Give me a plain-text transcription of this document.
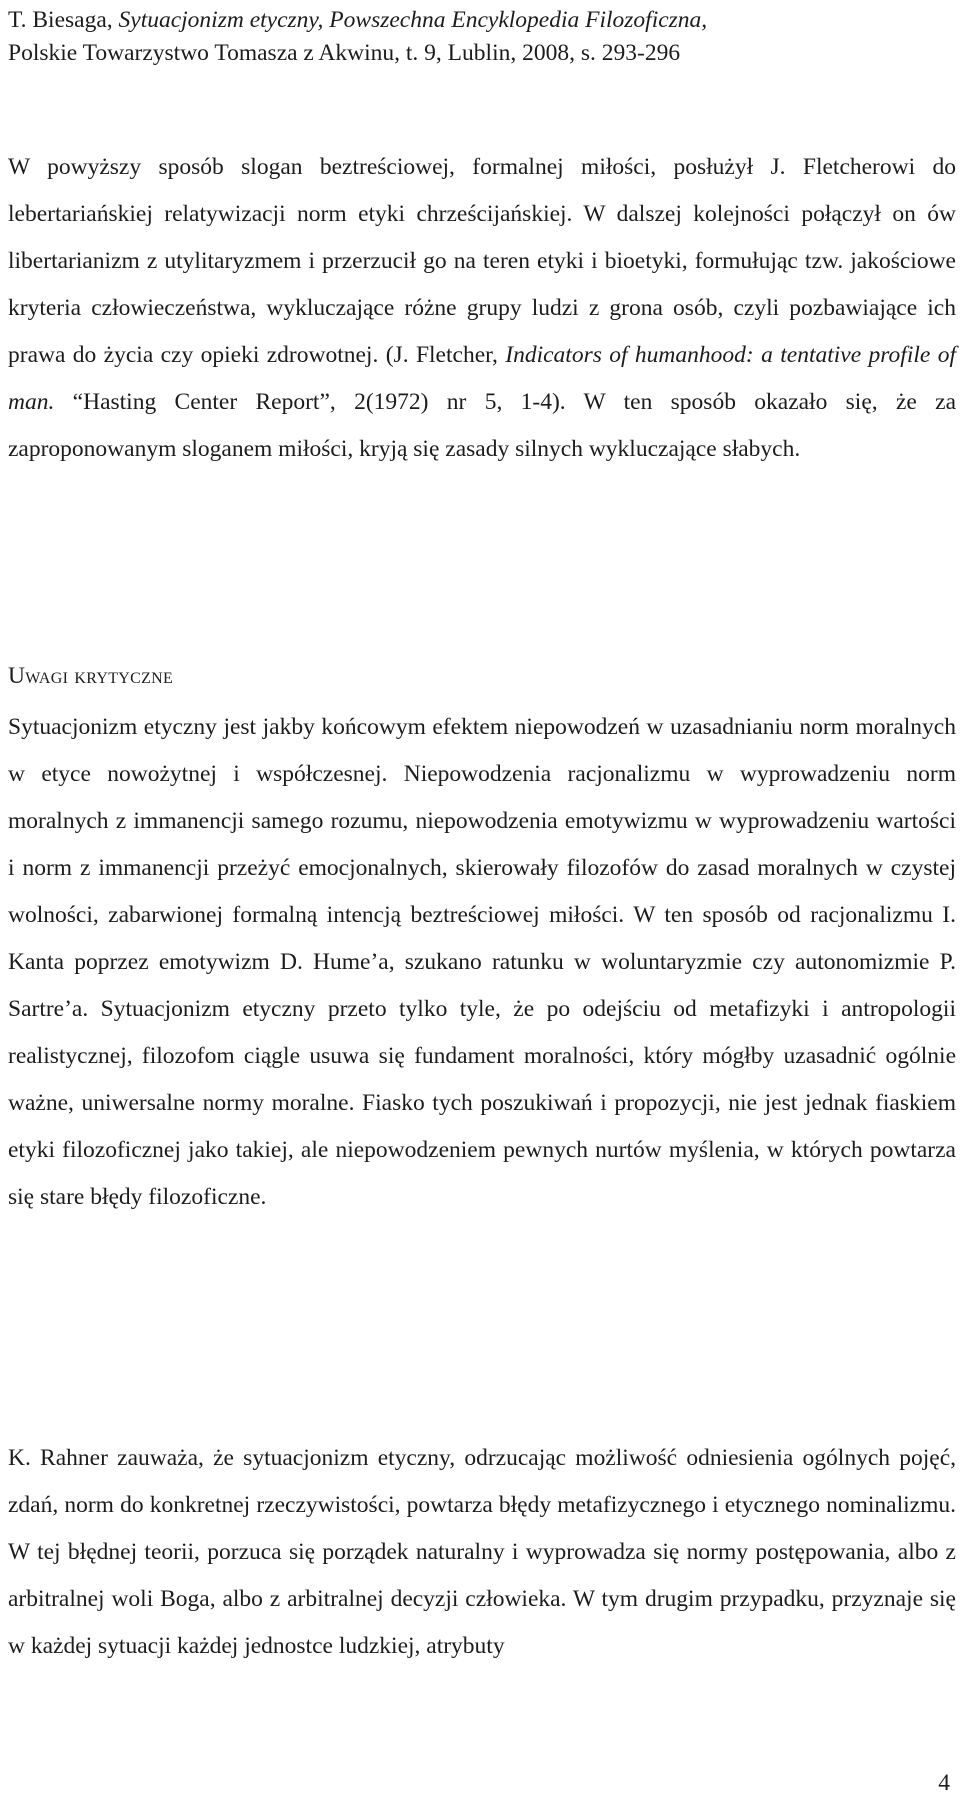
T. Biesaga, Sytuacjonizm etyczny, Powszechna Encyklopedia Filozoficzna,
Polskie Towarzystwo Tomasza z Akwinu, t. 9, Lublin, 2008, s. 293-296

W powyższy sposób slogan beztreściowej, formalnej miłości, posłużył J. Fletcherowi do lebertariańskiej relatywizacji norm etyki chrześcijańskiej. W dalszej kolejności połączył on ów libertarianizm z utylitaryzmem i przerzucił go na teren etyki i bioetyki, formułując tzw. jakościowe kryteria człowieczeństwa, wykluczające różne grupy ludzi z grona osób, czyli pozbawiające ich prawa do życia czy opieki zdrowotnej. (J. Fletcher, Indicators of humanhood: a tentative profile of man. “Hasting Center Report”, 2(1972) nr 5, 1-4). W ten sposób okazało się, że za zaproponowanym sloganem miłości, kryją się zasady silnych wykluczające słabych.

Uwagi krytyczne

Sytuacjonizm etyczny jest jakby końcowym efektem niepowodzeń w uzasadnianiu norm moralnych w etyce nowożytnej i współczesnej. Niepowodzenia racjonalizmu w wyprowadzeniu norm moralnych z immanencji samego rozumu, niepowodzenia emotywizmu w wyprowadzeniu wartości i norm z immanencji przeżyć emocjonalnych, skierowały filozofów do zasad moralnych w czystej wolności, zabarwionej formalną intencją beztreściowej miłości. W ten sposób od racjonalizmu I. Kanta poprzez emotywizm D. Hume’a, szukano ratunku w woluntaryzmie czy autonomizmie P. Sartre’a. Sytuacjonizm etyczny przeto tylko tyle, że po odejściu od metafizyki i antropologii realistycznej, filozofom ciągle usuwa się fundament moralności, który mógłby uzasadnić ogólnie ważne, uniwersalne normy moralne. Fiasko tych poszukiwań i propozycji, nie jest jednak fiaskiem etyki filozoficznej jako takiej, ale niepowodzeniem pewnych nurtów myślenia, w których powtarza się stare błędy filozoficzne.

K. Rahner zauważa, że sytuacjonizm etyczny, odrzucając możliwość odniesienia ogólnych pojęć, zdań, norm do konkretnej rzeczywistości, powtarza błędy metafizycznego i etycznego nominalizmu. W tej błędnej teorii, porzuca się porządek naturalny i wyprowadza się normy postępowania, albo z arbitralnej woli Boga, albo z arbitralnej decyzji człowieka. W tym drugim przypadku, przyznaje się w każdej sytuacji każdej jednostce ludzkiej, atrybuty

4
